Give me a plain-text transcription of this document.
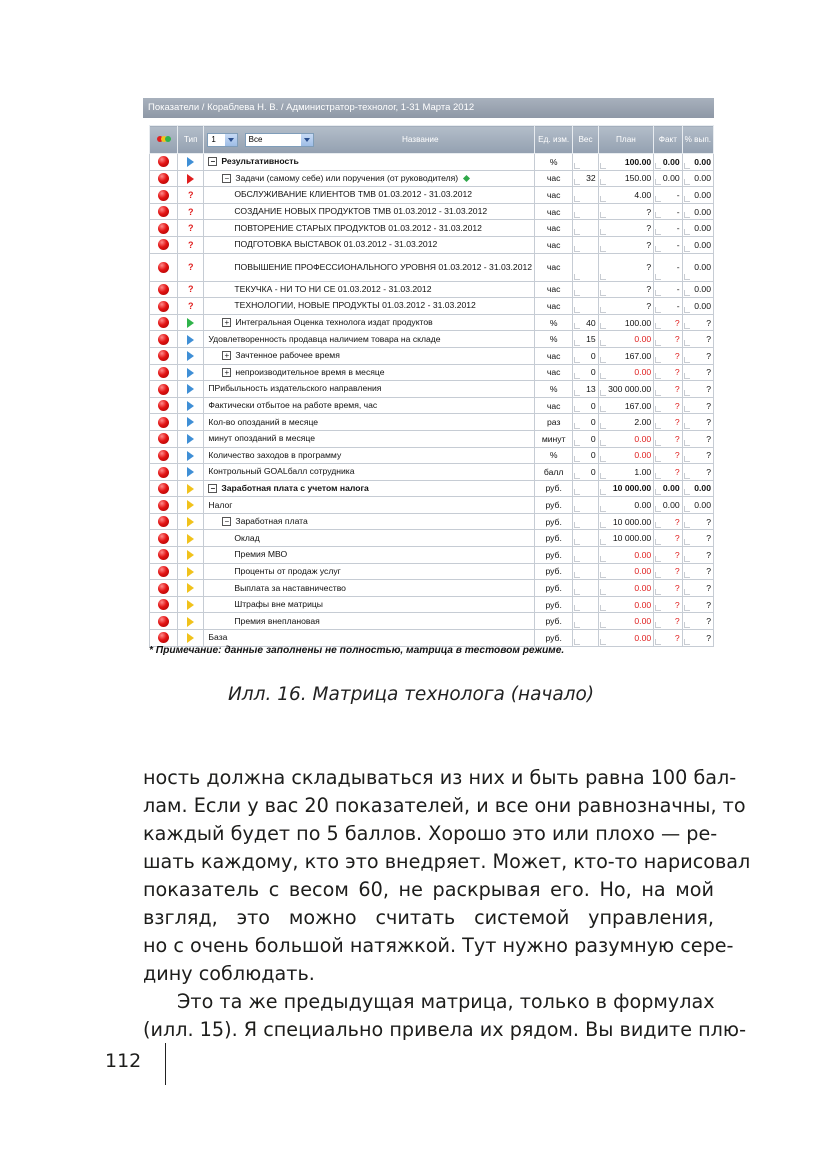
Показатели / Кораблева Н. В. / Администратор-технолог, 1-31 Марта 2012
	Тип	1 Все Название	Ед. изм.	Вес	План	Факт	% вып.
		− Результативность	%		100.00	0.00	0.00
		− Задачи (самому себе) или поручения (от руководителя)	час	32	150.00	0.00	0.00
	?	ОБСЛУЖИВАНИЕ КЛИЕНТОВ ТМВ 01.03.2012 - 31.03.2012	час		4.00	-	0.00
	?	СОЗДАНИЕ НОВЫХ ПРОДУКТОВ ТМВ 01.03.2012 - 31.03.2012	час		?	-	0.00
	?	ПОВТОРЕНИЕ СТАРЫХ ПРОДУКТОВ 01.03.2012 - 31.03.2012	час		?	-	0.00
	?	ПОДГОТОВКА ВЫСТАВОК 01.03.2012 - 31.03.2012	час		?	-	0.00
	?	ПОВЫШЕНИЕ ПРОФЕССИОНАЛЬНОГО УРОВНЯ 01.03.2012 - 31.03.2012	час		?	-	0.00
	?	ТЕКУЧКА - НИ ТО НИ СЕ 01.03.2012 - 31.03.2012	час		?	-	0.00
	?	ТЕХНОЛОГИИ, НОВЫЕ ПРОДУКТЫ 01.03.2012 - 31.03.2012	час		?	-	0.00
		+ Интегральная Оценка технолога издат продуктов	%	40	100.00	?	?
		Удовлетворенность продавца наличием товара на складе	%	15	0.00	?	?
		+ Зачтенное рабочее время	час	0	167.00	?	?
		+ непроизводительное время в месяце	час	0	0.00	?	?
		ПРибыльность издательского направления	%	13	300 000.00	?	?
		Фактически отбытое на работе время, час	час	0	167.00	?	?
		Кол-во опозданий в месяце	раз	0	2.00	?	?
		минут опозданий в месяце	минут	0	0.00	?	?
		Количество заходов в программу	%	0	0.00	?	?
		Контрольный GOALбалл сотрудника	балл	0	1.00	?	?
		− Заработная плата с учетом налога	руб.		10 000.00	0.00	0.00
		Налог	руб.		0.00	0.00	0.00
		− Заработная плата	руб.		10 000.00	?	?
		Оклад	руб.		10 000.00	?	?
		Премия МВО	руб.		0.00	?	?
		Проценты от продаж услуг	руб.		0.00	?	?
		Выплата за наставничество	руб.		0.00	?	?
		Штрафы вне матрицы	руб.		0.00	?	?
		Премия внеплановая	руб.		0.00	?	?
		База	руб.		0.00	?	?
* Примечание: данные заполнены не полностью, матрица в тестовом режиме.
Илл. 16. Матрица технолога (начало)
ность должна складываться из них и быть равна 100 бал-
лам. Если у вас 20 показателей, и все они равнозначны, то
каждый будет по 5 баллов. Хорошо это или плохо — ре-
шать каждому, кто это внедряет. Может, кто-то нарисовал
показатель с весом 60, не раскрывая его. Но, на мой
взгляд, это можно считать системой управления,
но с очень большой натяжкой. Тут нужно разумную сере-
дину соблюдать.
Это та же предыдущая матрица, только в формулах
(илл. 15). Я специально привела их рядом. Вы видите плю-
112
